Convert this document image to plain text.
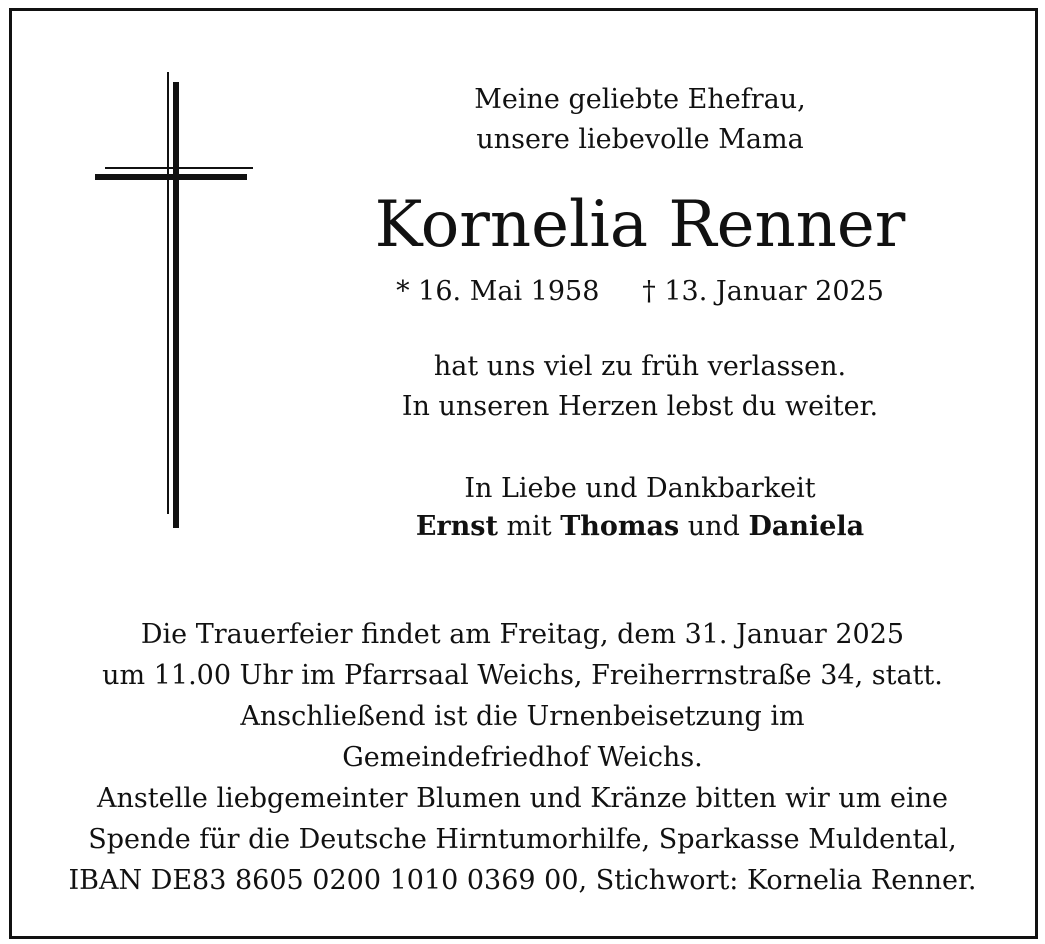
Meine geliebte Ehefrau,
unsere liebevolle Mama
Kornelia Renner
* 16. Mai 1958 † 13. Januar 2025
hat uns viel zu früh verlassen.
In unseren Herzen lebst du weiter.
In Liebe und Dankbarkeit
Ernst mit Thomas und Daniela
Die Trauerfeier findet am Freitag, dem 31. Januar 2025
um 11.00 Uhr im Pfarrsaal Weichs, Freiherrnstraße 34, statt.
Anschließend ist die Urnenbeisetzung im
Gemeindefriedhof Weichs.
Anstelle liebgemeinter Blumen und Kränze bitten wir um eine
Spende für die Deutsche Hirntumorhilfe, Sparkasse Muldental,
IBAN DE83 8605 0200 1010 0369 00, Stichwort: Kornelia Renner.
